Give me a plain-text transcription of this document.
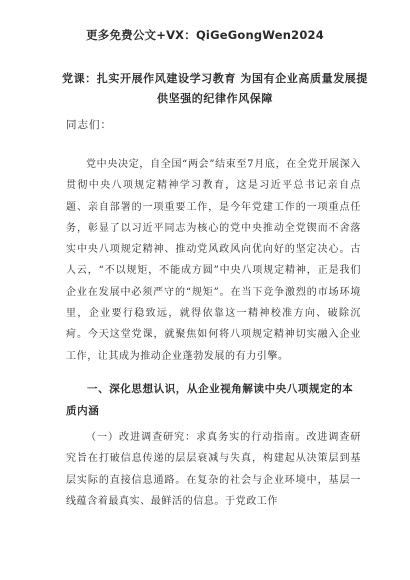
更多免费公文+VX：QiGeGongWen2024
党课：扎实开展作风建设学习教育 为国有企业高质量发展提供坚强的纪律作风保障
同志们：

党中央决定，自全国“两会”结束至7月底，在全党开展深入贯彻中央八项规定精神学习教育，这是习近平总书记亲自点题、亲自部署的一项重要工作，是今年党建工作的一项重点任务，彰显了以习近平同志为核心的党中央推动全党锲而不舍落实中央八项规定精神、推动党风政风向优向好的坚定决心。古人云，“不以规矩，不能成方圆”中央八项规定精神，正是我们企业在发展中必须严守的“规矩”。在当下竞争激烈的市场环境里，企业要行稳致远，就得依靠这一精神校准方向、破除沉疴。今天这堂党课，就聚焦如何将八项规定精神切实融入企业工作，让其成为推动企业蓬勃发展的有力引擎。

一、深化思想认识，从企业视角解读中央八项规定的本质内涵

（一）改进调查研究：求真务实的行动指南。改进调查研究旨在打破信息传递的层层衰减与失真，构建起从决策层到基层实际的直接信息通路。在复杂的社会与企业环境中，基层一线蕴含着最真实、最鲜活的信息。于党政工作
